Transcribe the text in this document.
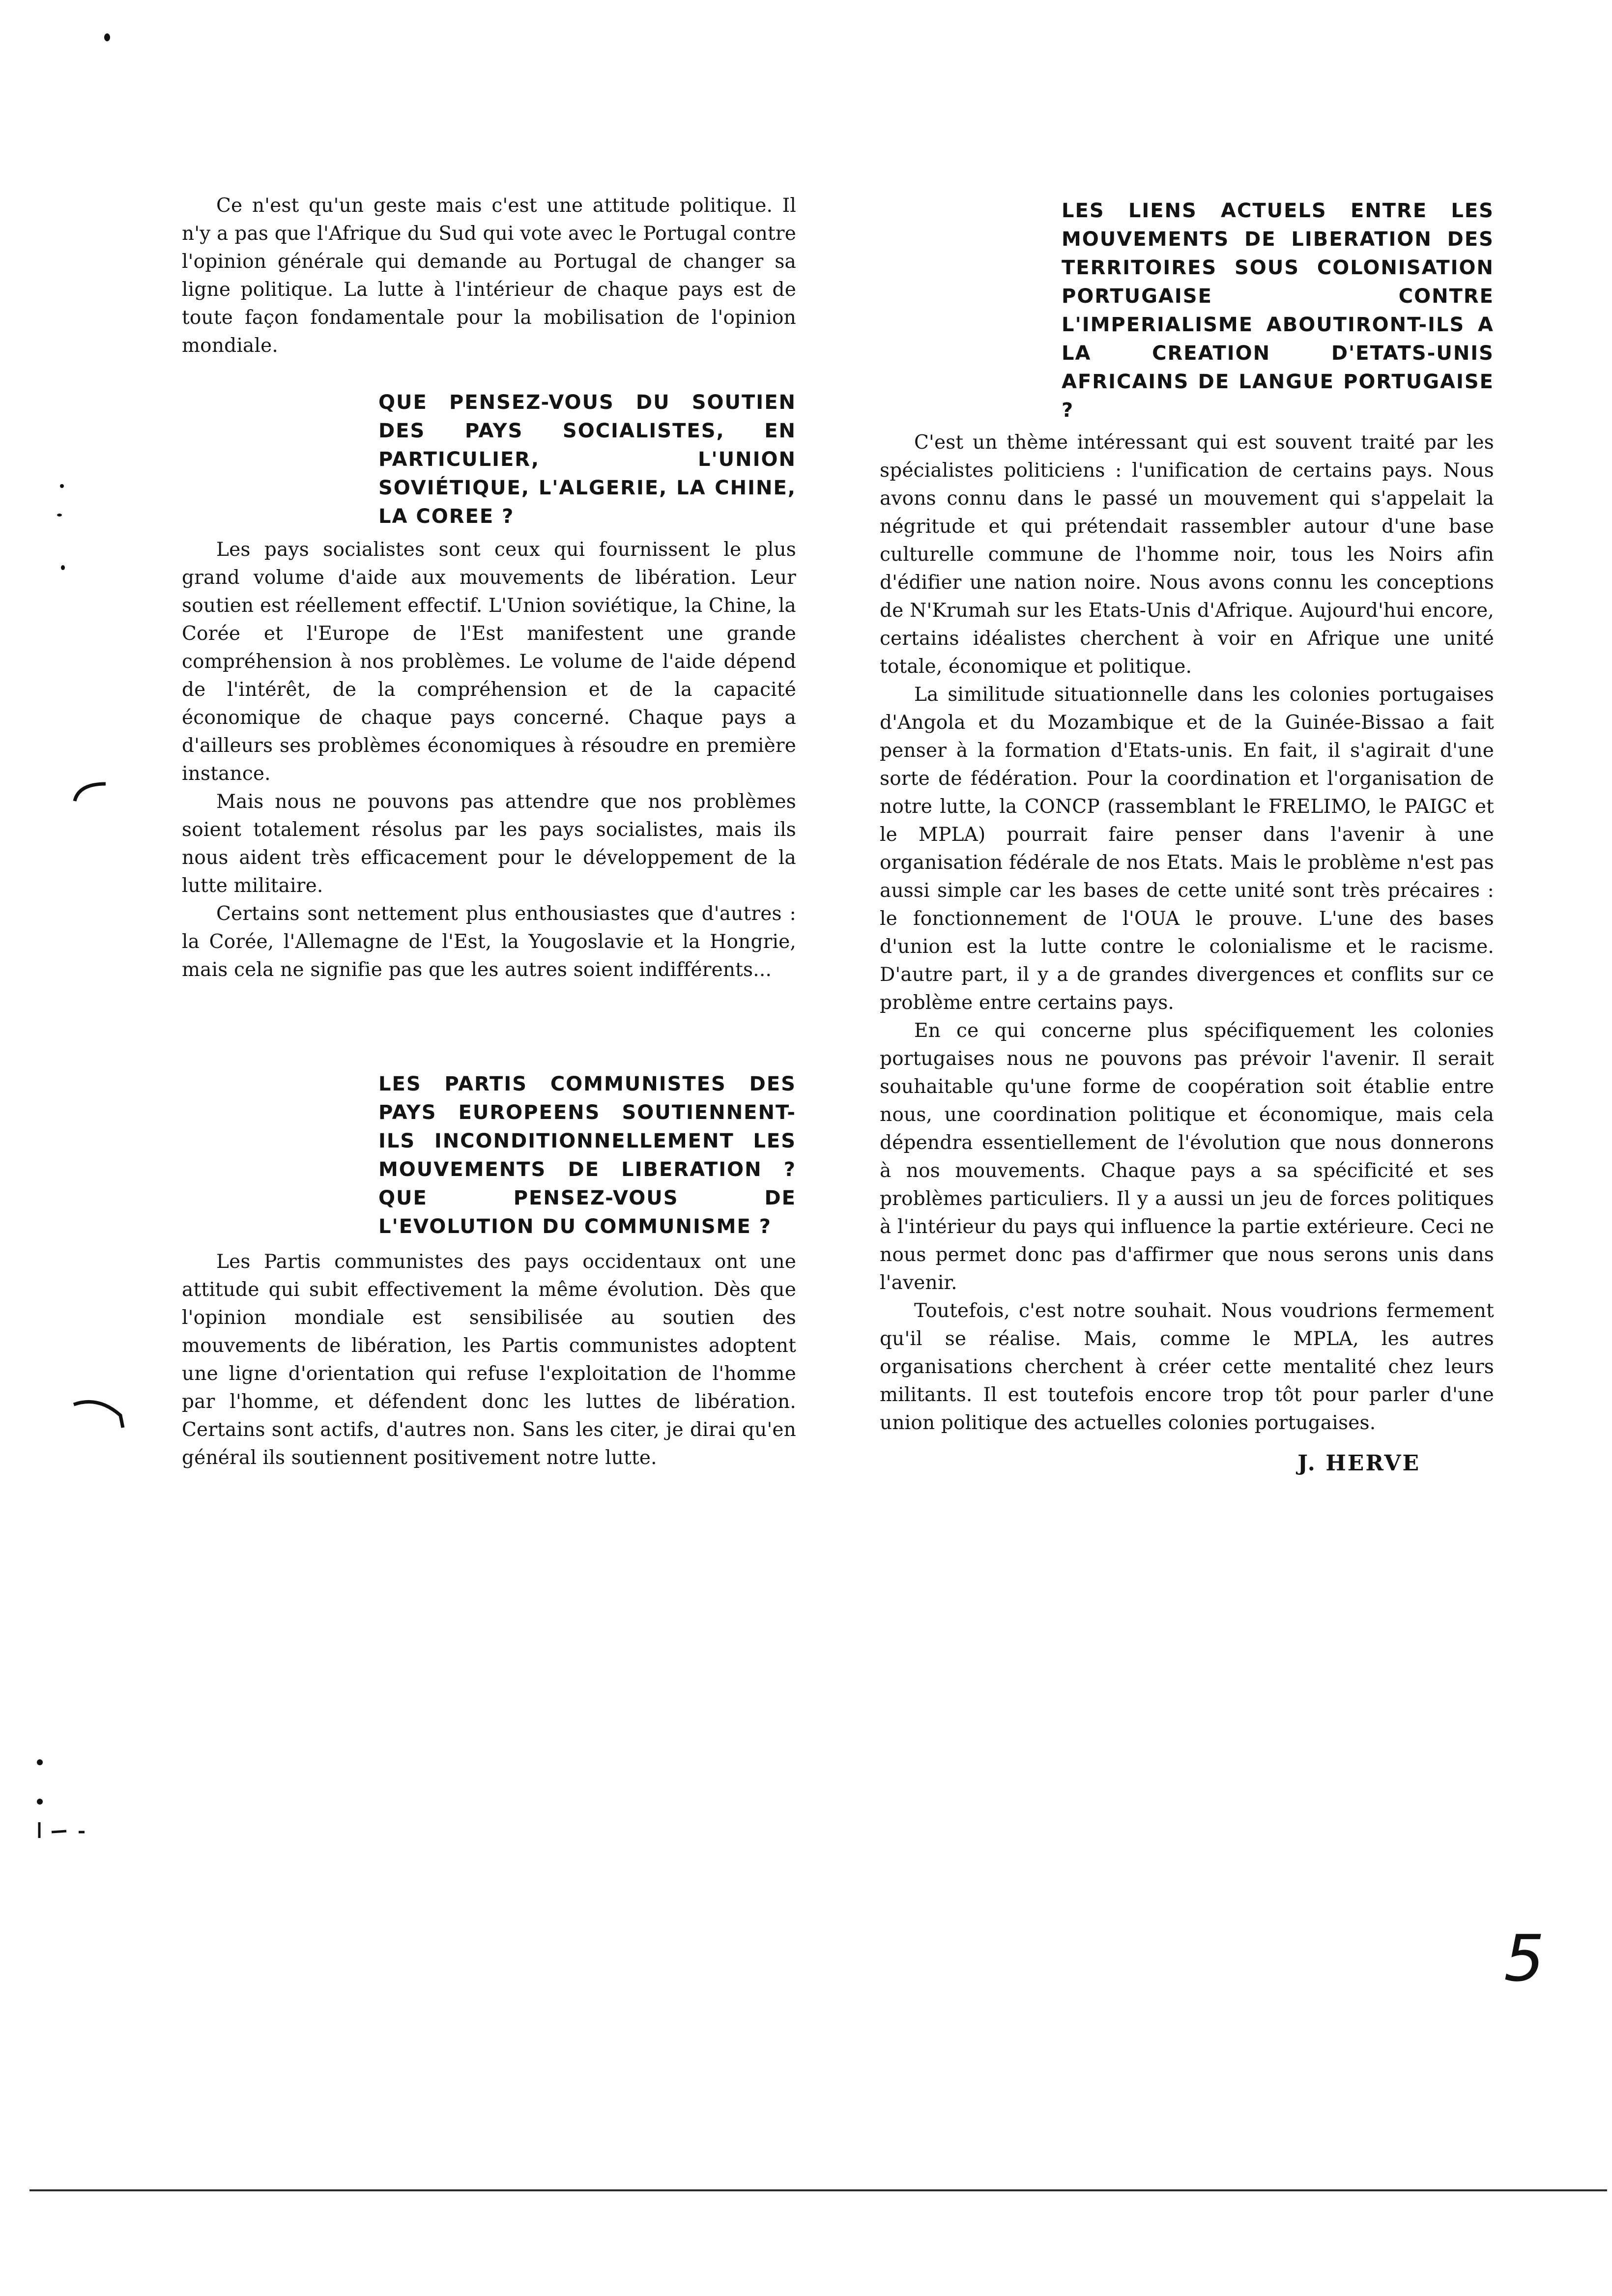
Ce n'est qu'un geste mais c'est une attitude politique. Il n'y a pas que l'Afrique du Sud qui vote avec le Portugal contre l'opinion générale qui demande au Portugal de changer sa ligne politique. La lutte à l'intérieur de chaque pays est de toute façon fondamentale pour la mobilisation de l'opinion mondiale.

QUE PENSEZ-VOUS DU SOUTIEN DES PAYS SOCIALISTES, EN PARTICULIER, L'UNION SOVIÉTIQUE, L'ALGERIE, LA CHINE, LA COREE ?

Les pays socialistes sont ceux qui fournissent le plus grand volume d'aide aux mouvements de libération. Leur soutien est réellement effectif. L'Union soviétique, la Chine, la Corée et l'Europe de l'Est manifestent une grande compréhension à nos problèmes. Le volume de l'aide dépend de l'intérêt, de la compréhension et de la capacité économique de chaque pays concerné. Chaque pays a d'ailleurs ses problèmes économiques à résoudre en première instance.

Mais nous ne pouvons pas attendre que nos problèmes soient totalement résolus par les pays socialistes, mais ils nous aident très efficacement pour le développement de la lutte militaire.

Certains sont nettement plus enthousiastes que d'autres : la Corée, l'Allemagne de l'Est, la Yougoslavie et la Hongrie, mais cela ne signifie pas que les autres soient indifférents...

LES PARTIS COMMUNISTES DES PAYS EUROPEENS SOUTIENNENT-ILS INCONDITIONNELLEMENT LES MOUVEMENTS DE LIBERATION ? QUE PENSEZ-VOUS DE L'EVOLUTION DU COMMUNISME ?

Les Partis communistes des pays occidentaux ont une attitude qui subit effectivement la même évolution. Dès que l'opinion mondiale est sensibilisée au soutien des mouvements de libération, les Partis communistes adoptent une ligne d'orientation qui refuse l'exploitation de l'homme par l'homme, et défendent donc les luttes de libération. Certains sont actifs, d'autres non. Sans les citer, je dirai qu'en général ils soutiennent positivement notre lutte.

LES LIENS ACTUELS ENTRE LES MOUVEMENTS DE LIBERATION DES TERRITOIRES SOUS COLONISATION PORTUGAISE CONTRE L'IMPERIALISME ABOUTIRONT-ILS A LA CREATION D'ETATS-UNIS AFRICAINS DE LANGUE PORTUGAISE ?

C'est un thème intéressant qui est souvent traité par les spécialistes politiciens : l'unification de certains pays. Nous avons connu dans le passé un mouvement qui s'appelait la négritude et qui prétendait rassembler autour d'une base culturelle commune de l'homme noir, tous les Noirs afin d'édifier une nation noire. Nous avons connu les conceptions de N'Krumah sur les Etats-Unis d'Afrique. Aujourd'hui encore, certains idéalistes cherchent à voir en Afrique une unité totale, économique et politique.

La similitude situationnelle dans les colonies portugaises d'Angola et du Mozambique et de la Guinée-Bissao a fait penser à la formation d'Etats-unis. En fait, il s'agirait d'une sorte de fédération. Pour la coordination et l'organisation de notre lutte, la CONCP (rassemblant le FRELIMO, le PAIGC et le MPLA) pourrait faire penser dans l'avenir à une organisation fédérale de nos Etats. Mais le problème n'est pas aussi simple car les bases de cette unité sont très précaires : le fonctionnement de l'OUA le prouve. L'une des bases d'union est la lutte contre le colonialisme et le racisme. D'autre part, il y a de grandes divergences et conflits sur ce problème entre certains pays.

En ce qui concerne plus spécifiquement les colonies portugaises nous ne pouvons pas prévoir l'avenir. Il serait souhaitable qu'une forme de coopération soit établie entre nous, une coordination politique et économique, mais cela dépendra essentiellement de l'évolution que nous donnerons à nos mouvements. Chaque pays a sa spécificité et ses problèmes particuliers. Il y a aussi un jeu de forces politiques à l'intérieur du pays qui influence la partie extérieure. Ceci ne nous permet donc pas d'affirmer que nous serons unis dans l'avenir.

Toutefois, c'est notre souhait. Nous voudrions fermement qu'il se réalise. Mais, comme le MPLA, les autres organisations cherchent à créer cette mentalité chez leurs militants. Il est toutefois encore trop tôt pour parler d'une union politique des actuelles colonies portugaises.

J. HERVE

5
